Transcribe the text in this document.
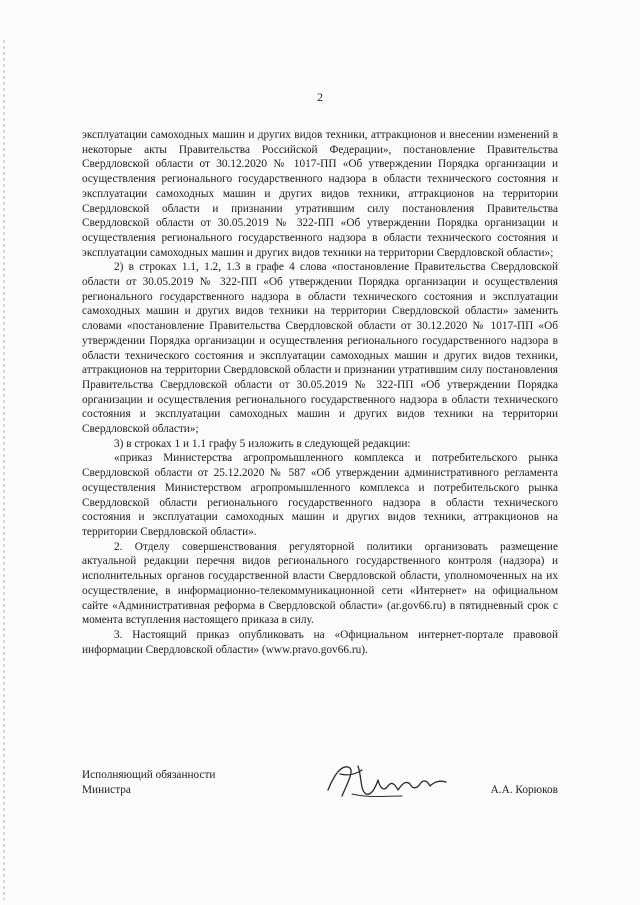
2

эксплуатации самоходных машин и других видов техники, аттракционов и внесении изменений в некоторые акты Правительства Российской Федерации», постановление Правительства Свердловской области от 30.12.2020 № 1017-ПП «Об утверждении Порядка организации и осуществления регионального государственного надзора в области технического состояния и эксплуатации самоходных машин и других видов техники, аттракционов на территории Свердловской области и признании утратившим силу постановления Правительства Свердловской области от 30.05.2019 № 322-ПП «Об утверждении Порядка организации и осуществления регионального государственного надзора в области технического состояния и эксплуатации самоходных машин и других видов техники на территории Свердловской области»;

2) в строках 1.1, 1.2, 1.3 в графе 4 слова «постановление Правительства Свердловской области от 30.05.2019 № 322-ПП «Об утверждении Порядка организации и осуществления регионального государственного надзора в области технического состояния и эксплуатации самоходных машин и других видов техники на территории Свердловской области» заменить словами «постановление Правительства Свердловской области от 30.12.2020 № 1017-ПП «Об утверждении Порядка организации и осуществления регионального государственного надзора в области технического состояния и эксплуатации самоходных машин и других видов техники, аттракционов на территории Свердловской области и признании утратившим силу постановления Правительства Свердловской области от 30.05.2019 № 322-ПП «Об утверждении Порядка организации и осуществления регионального государственного надзора в области технического состояния и эксплуатации самоходных машин и других видов техники на территории Свердловской области»;

3) в строках 1 и 1.1 графу 5 изложить в следующей редакции:

«приказ Министерства агропромышленного комплекса и потребительского рынка Свердловской области от 25.12.2020 № 587 «Об утверждении административного регламента осуществления Министерством агропромышленного комплекса и потребительского рынка Свердловской области регионального государственного надзора в области технического состояния и эксплуатации самоходных машин и других видов техники, аттракционов на территории Свердловской области».

2. Отделу совершенствования регуляторной политики организовать размещение актуальной редакции перечня видов регионального государственного контроля (надзора) и исполнительных органов государственной власти Свердловской области, уполномоченных на их осуществление, в информационно-телекоммуникационной сети «Интернет» на официальном сайте «Административная реформа в Свердловской области» (ar.gov66.ru) в пятидневный срок с момента вступления настоящего приказа в силу.

3. Настоящий приказ опубликовать на «Официальном интернет-портале правовой информации Свердловской области» (www.pravo.gov66.ru).

Исполняющий обязанности
Министра	А.А. Корюков
